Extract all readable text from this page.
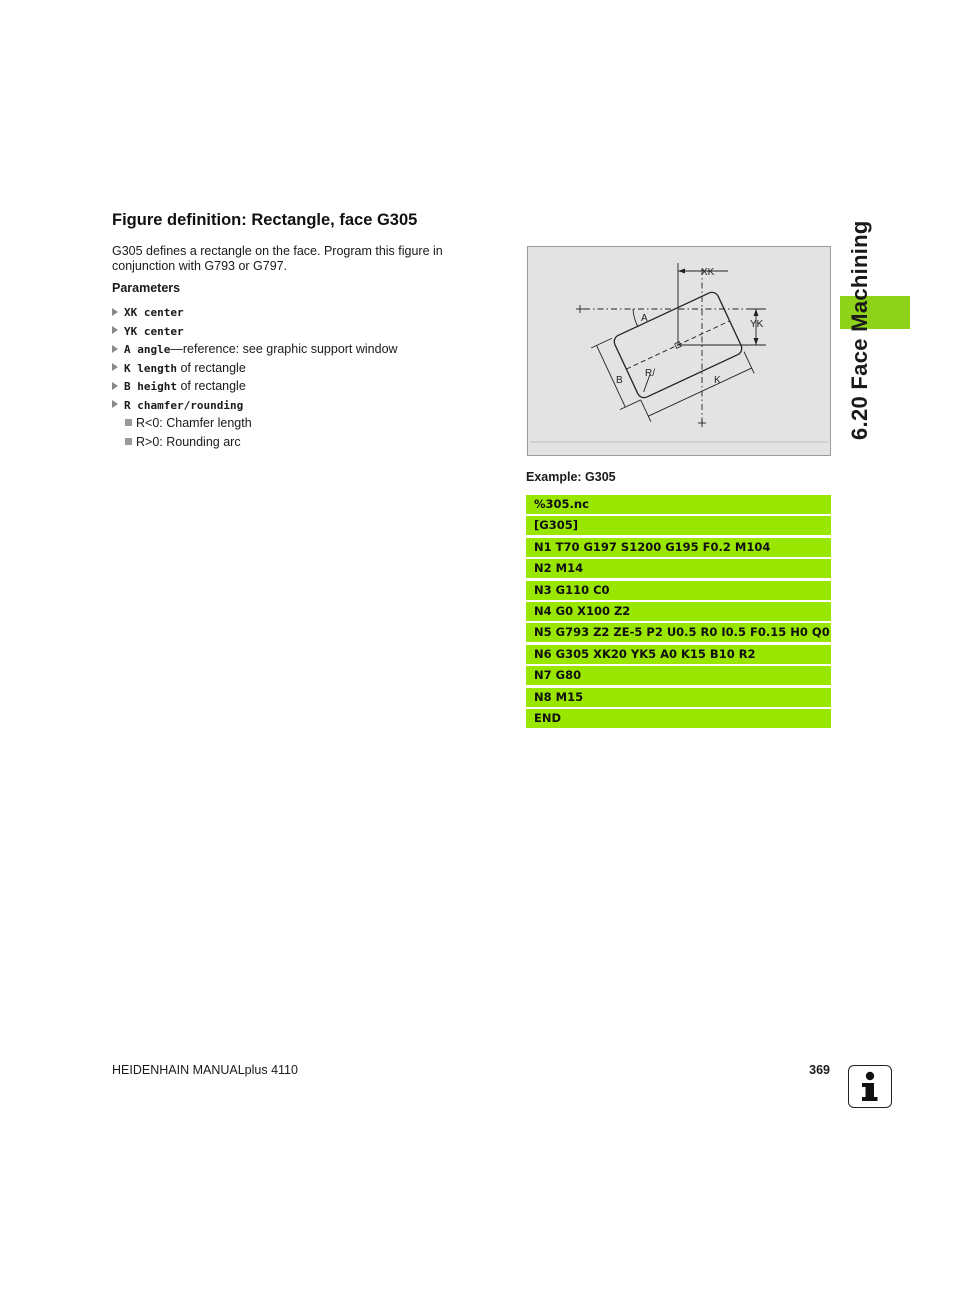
Figure definition: Rectangle, face G305
G305 defines a rectangle on the face. Program this figure in conjunction with G793 or G797.
Parameters
XK center
YK center
A angle—reference: see graphic support window
K length of rectangle
B height of rectangle
R chamfer/rounding
R<0: Chamfer length
R>0: Rounding arc
XK
YK
A
B
R/
K
Example: G305
%305.nc
[G305]
N1 T70 G197 S1200 G195 F0.2 M104
N2 M14
N3 G110 C0
N4 G0 X100 Z2
N5 G793 Z2 ZE-5 P2 U0.5 R0 I0.5 F0.15 H0 Q0
N6 G305 XK20 YK5 A0 K15 B10 R2
N7 G80
N8 M15
END
6.20 Face Machining
HEIDENHAIN MANUALplus 4110	369
